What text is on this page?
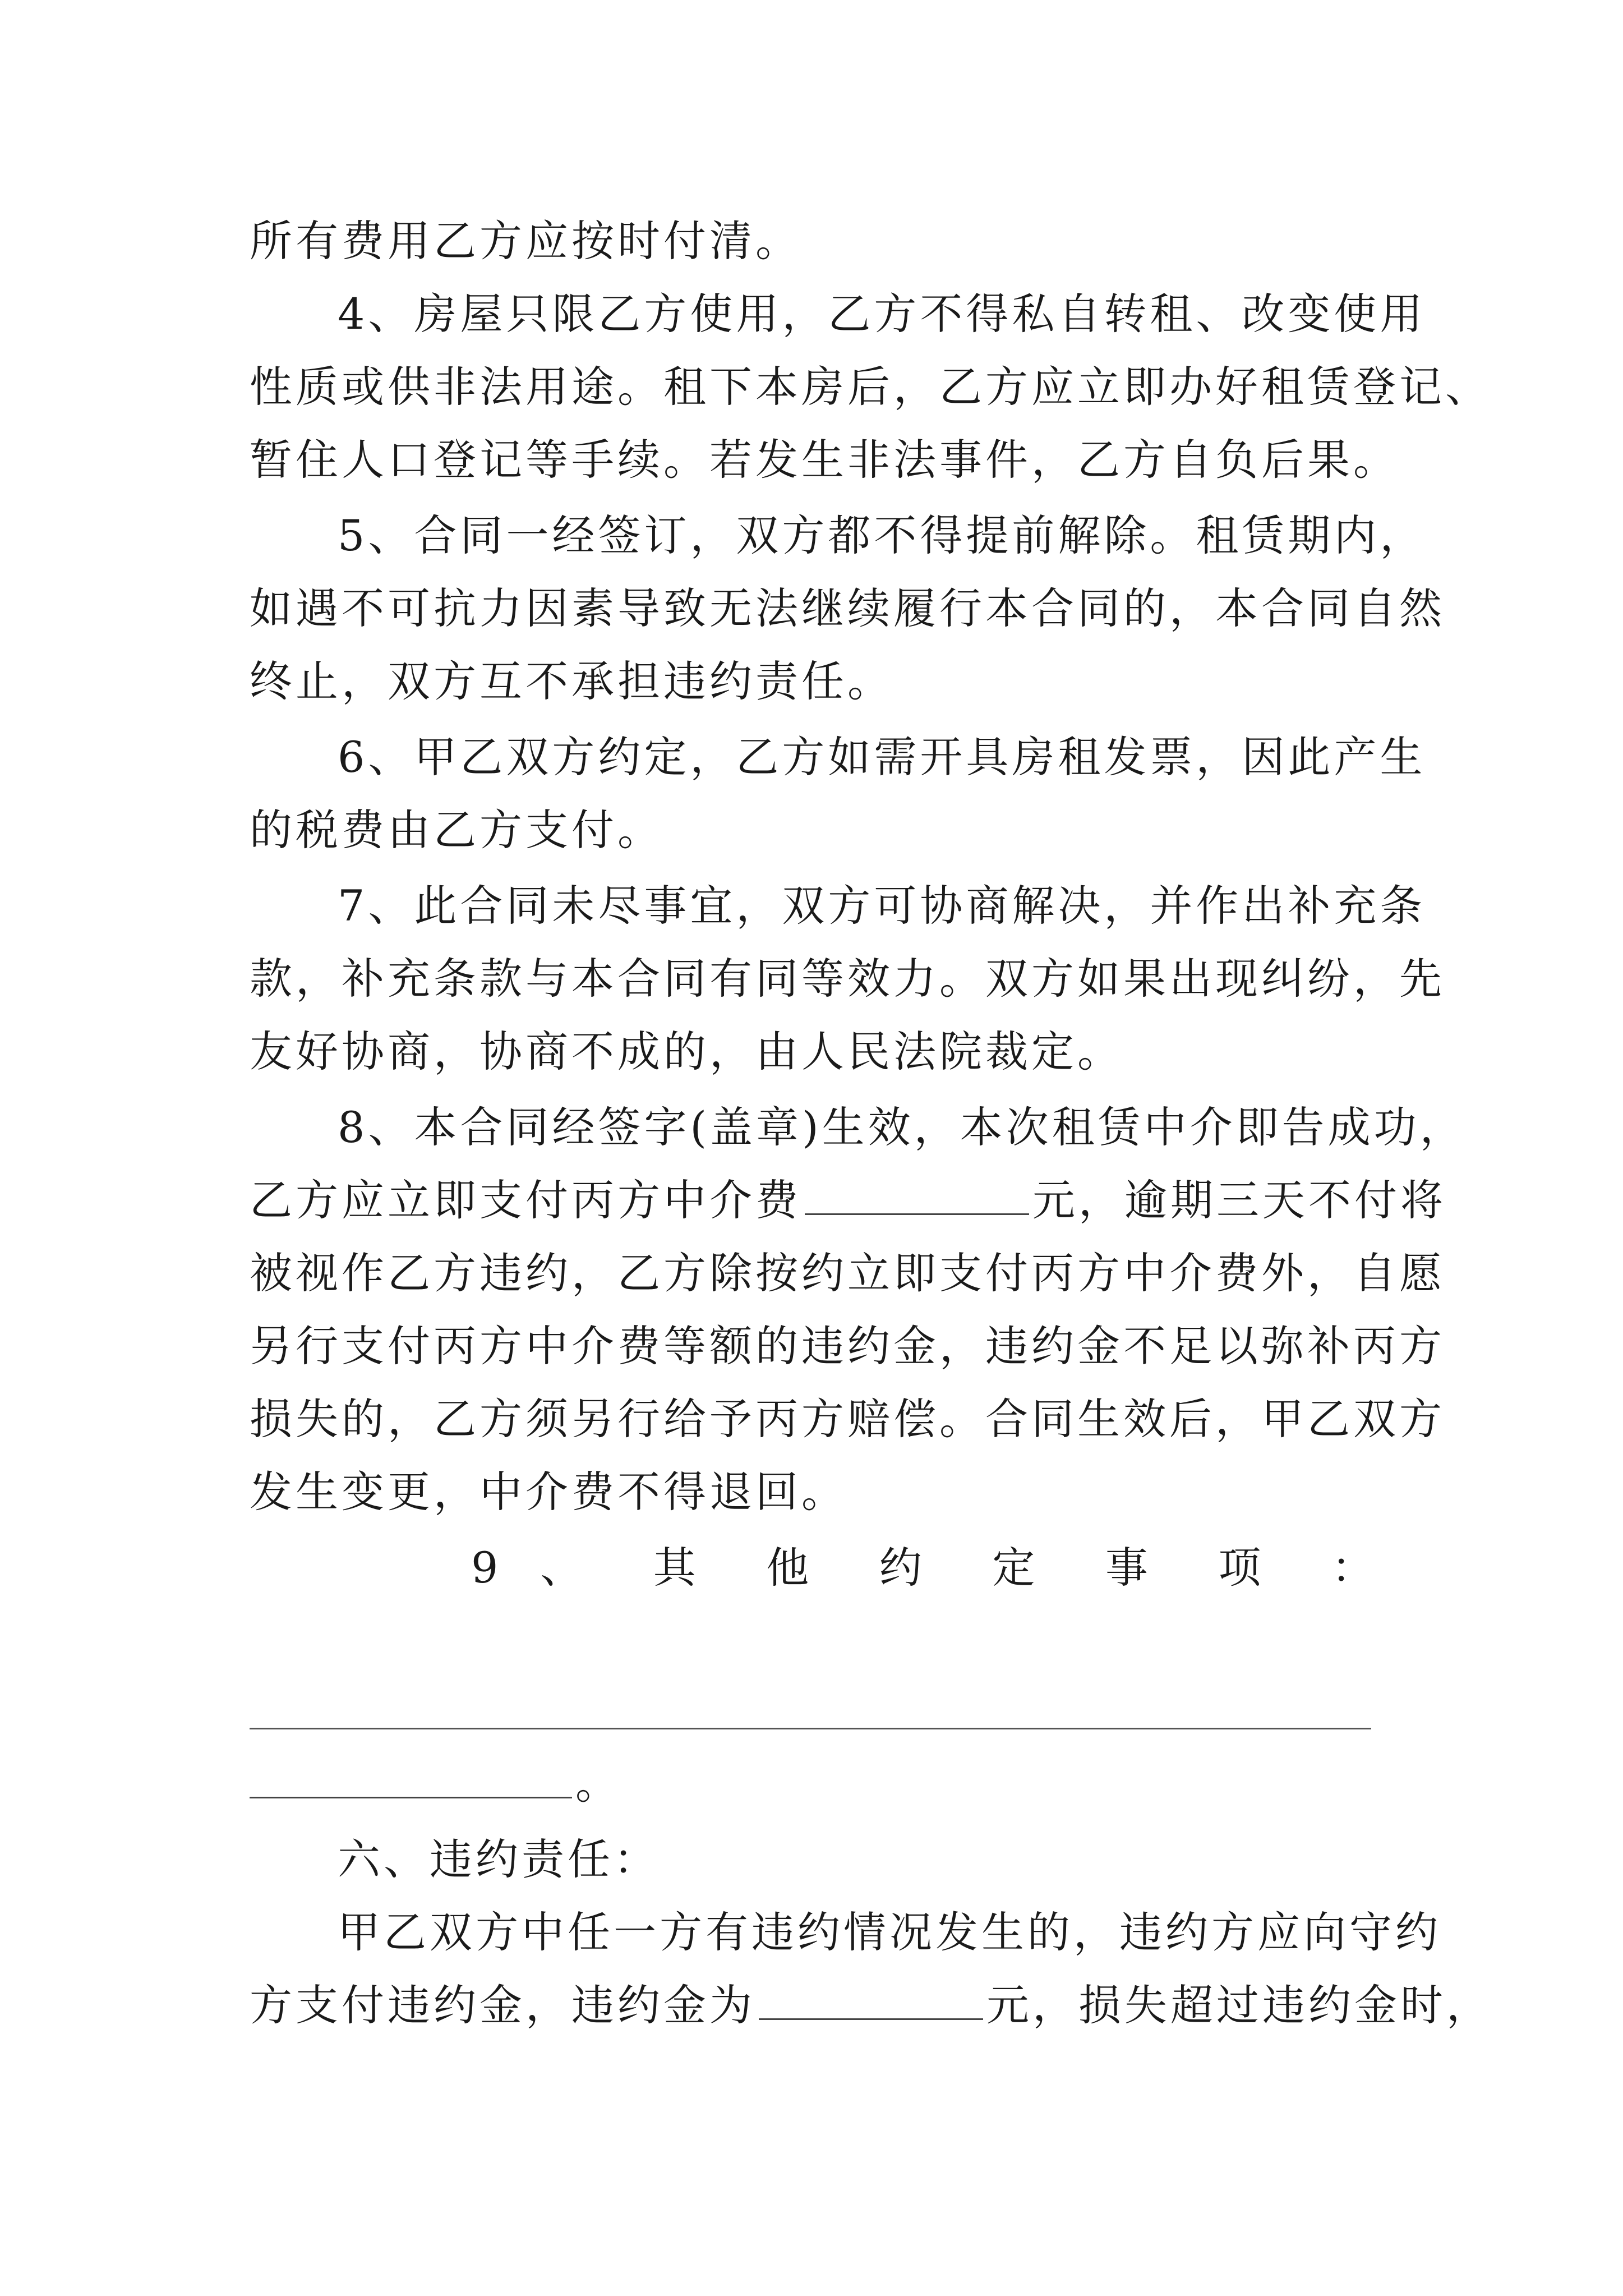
所有费用乙方应按时付清。
4、房屋只限乙方使用，乙方不得私自转租、改变使用
性质或供非法用途。租下本房后，乙方应立即办好租赁登记、
暂住人口登记等手续。若发生非法事件，乙方自负后果。
5、合同一经签订，双方都不得提前解除。租赁期内，
如遇不可抗力因素导致无法继续履行本合同的，本合同自然
终止，双方互不承担违约责任。
6、甲乙双方约定，乙方如需开具房租发票，因此产生
的税费由乙方支付。
7、此合同未尽事宜，双方可协商解决，并作出补充条
款，补充条款与本合同有同等效力。双方如果出现纠纷，先
友好协商，协商不成的，由人民法院裁定。
8、本合同经签字(盖章)生效，本次租赁中介即告成功，
乙方应立即支付丙方中介费	元，逾期三天不付将
被视作乙方违约，乙方除按约立即支付丙方中介费外，自愿
另行支付丙方中介费等额的违约金，违约金不足以弥补丙方
损失的，乙方须另行给予丙方赔偿。合同生效后，甲乙双方
发生变更，中介费不得退回。
9 、 其 他 约 定 事 项 ：
。
六、违约责任：
甲乙双方中任一方有违约情况发生的，违约方应向守约
方支付违约金，违约金为	元，损失超过违约金时，
